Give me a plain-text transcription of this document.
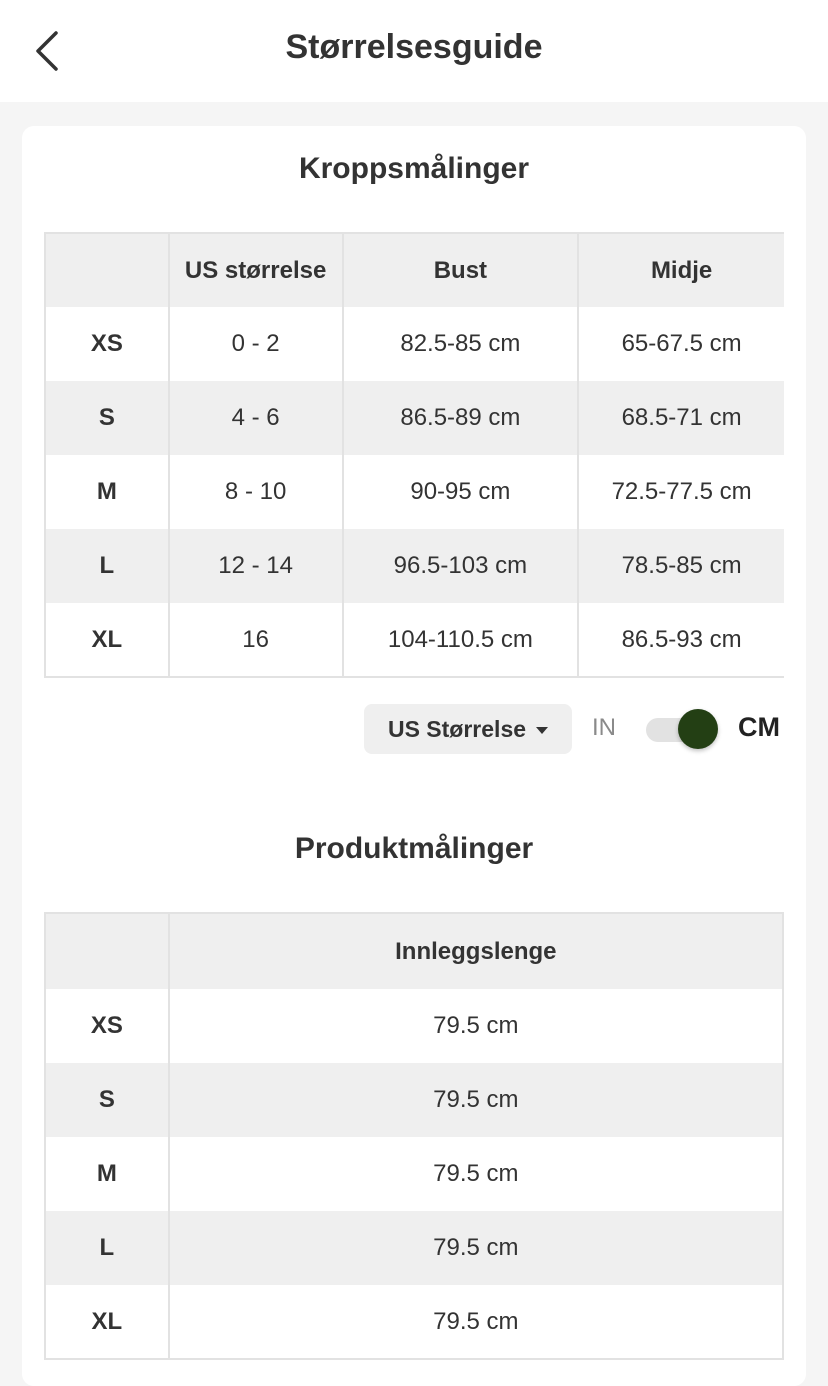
Størrelsesguide
Kroppsmålinger
	US størrelse	Bust	Midje
XS	0 - 2	82.5-85 cm	65-67.5 cm
S	4 - 6	86.5-89 cm	68.5-71 cm
M	8 - 10	90-95 cm	72.5-77.5 cm
L	12 - 14	96.5-103 cm	78.5-85 cm
XL	16	104-110.5 cm	86.5-93 cm
US Størrelse	IN	CM
Produktmålinger
	Innleggslenge
XS	79.5 cm
S	79.5 cm
M	79.5 cm
L	79.5 cm
XL	79.5 cm
